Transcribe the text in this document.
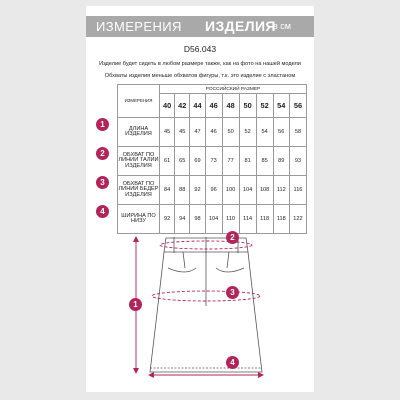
ИЗМЕРЕНИЯ ИЗДЕЛИЯ
в см
D56.043
Изделие будет сидеть в любом размере также, как на фото на нашей модели
Обхваты изделия меньше обхватов фигуры, т.к. это изделие с эластаном
ИЗМЕРЕНИЯ	РОССИЙСКИЙ РАЗМЕР								
	40	42	44	46	48	50	52	54	56
ДЛИНА ИЗДЕЛИЯ	45	45	47	46	50	52	54	56	58
ОБХВАТ ПО ЛИНИИ ТАЛИИ ИЗДЕЛИЯ	61	65	69	73	77	81	85	89	93
ОБХВАТ ПО ЛИНИИ БЕДЕР ИЗДЕЛИЯ	84	88	92	96	100	104	108	112	116
ШИРИНА ПО НИЗУ	92	94	98	104	110	114	118	118	122
1
2
3
4
1
2
3
4
